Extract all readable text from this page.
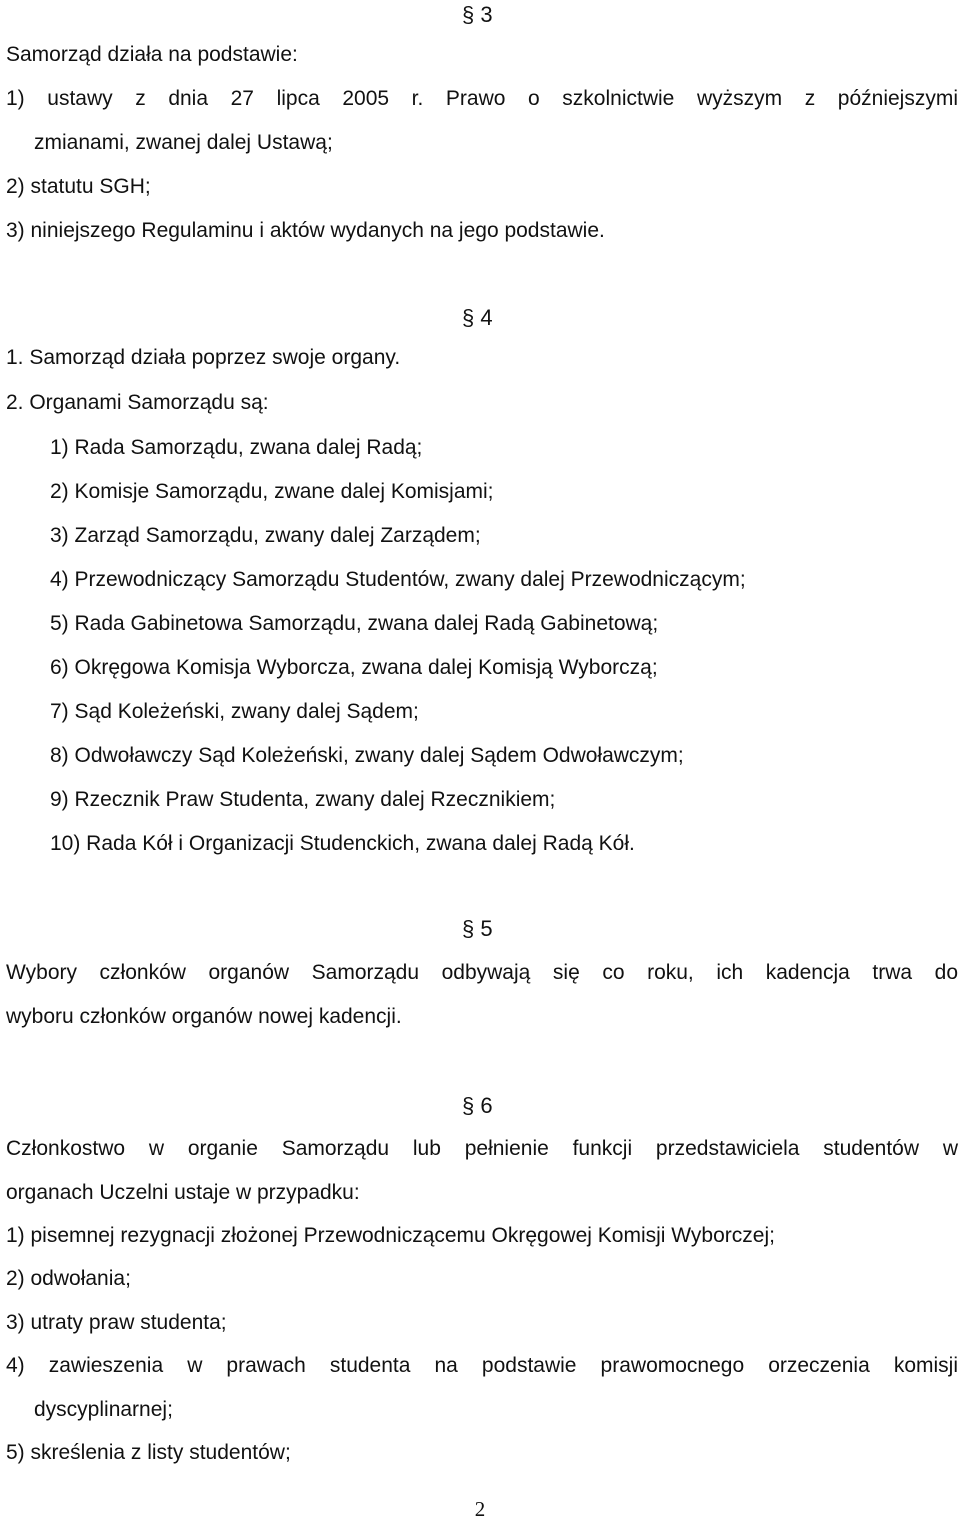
§ 3
Samorząd działa na podstawie:
1) ustawy z dnia 27 lipca 2005 r. Prawo o szkolnictwie wyższym z późniejszymi
zmianami, zwanej dalej Ustawą;
2) statutu SGH;
3) niniejszego Regulaminu i aktów wydanych na jego podstawie.
§ 4
1. Samorząd działa poprzez swoje organy.
2. Organami Samorządu są:
1) Rada Samorządu, zwana dalej Radą;
2) Komisje Samorządu, zwane dalej Komisjami;
3) Zarząd Samorządu, zwany dalej Zarządem;
4) Przewodniczący Samorządu Studentów, zwany dalej Przewodniczącym;
5) Rada Gabinetowa Samorządu, zwana dalej Radą Gabinetową;
6) Okręgowa Komisja Wyborcza, zwana dalej Komisją Wyborczą;
7) Sąd Koleżeński, zwany dalej Sądem;
8) Odwoławczy Sąd Koleżeński, zwany dalej Sądem Odwoławczym;
9) Rzecznik Praw Studenta, zwany dalej Rzecznikiem;
10) Rada Kół i Organizacji Studenckich, zwana dalej Radą Kół.
§ 5
Wybory członków organów Samorządu odbywają się co roku, ich kadencja trwa do
wyboru członków organów nowej kadencji.
§ 6
Członkostwo w organie Samorządu lub pełnienie funkcji przedstawiciela studentów w
organach Uczelni ustaje w przypadku:
1) pisemnej rezygnacji złożonej Przewodniczącemu Okręgowej Komisji Wyborczej;
2) odwołania;
3) utraty praw studenta;
4) zawieszenia w prawach studenta na podstawie prawomocnego orzeczenia komisji
dyscyplinarnej;
5) skreślenia z listy studentów;
2
